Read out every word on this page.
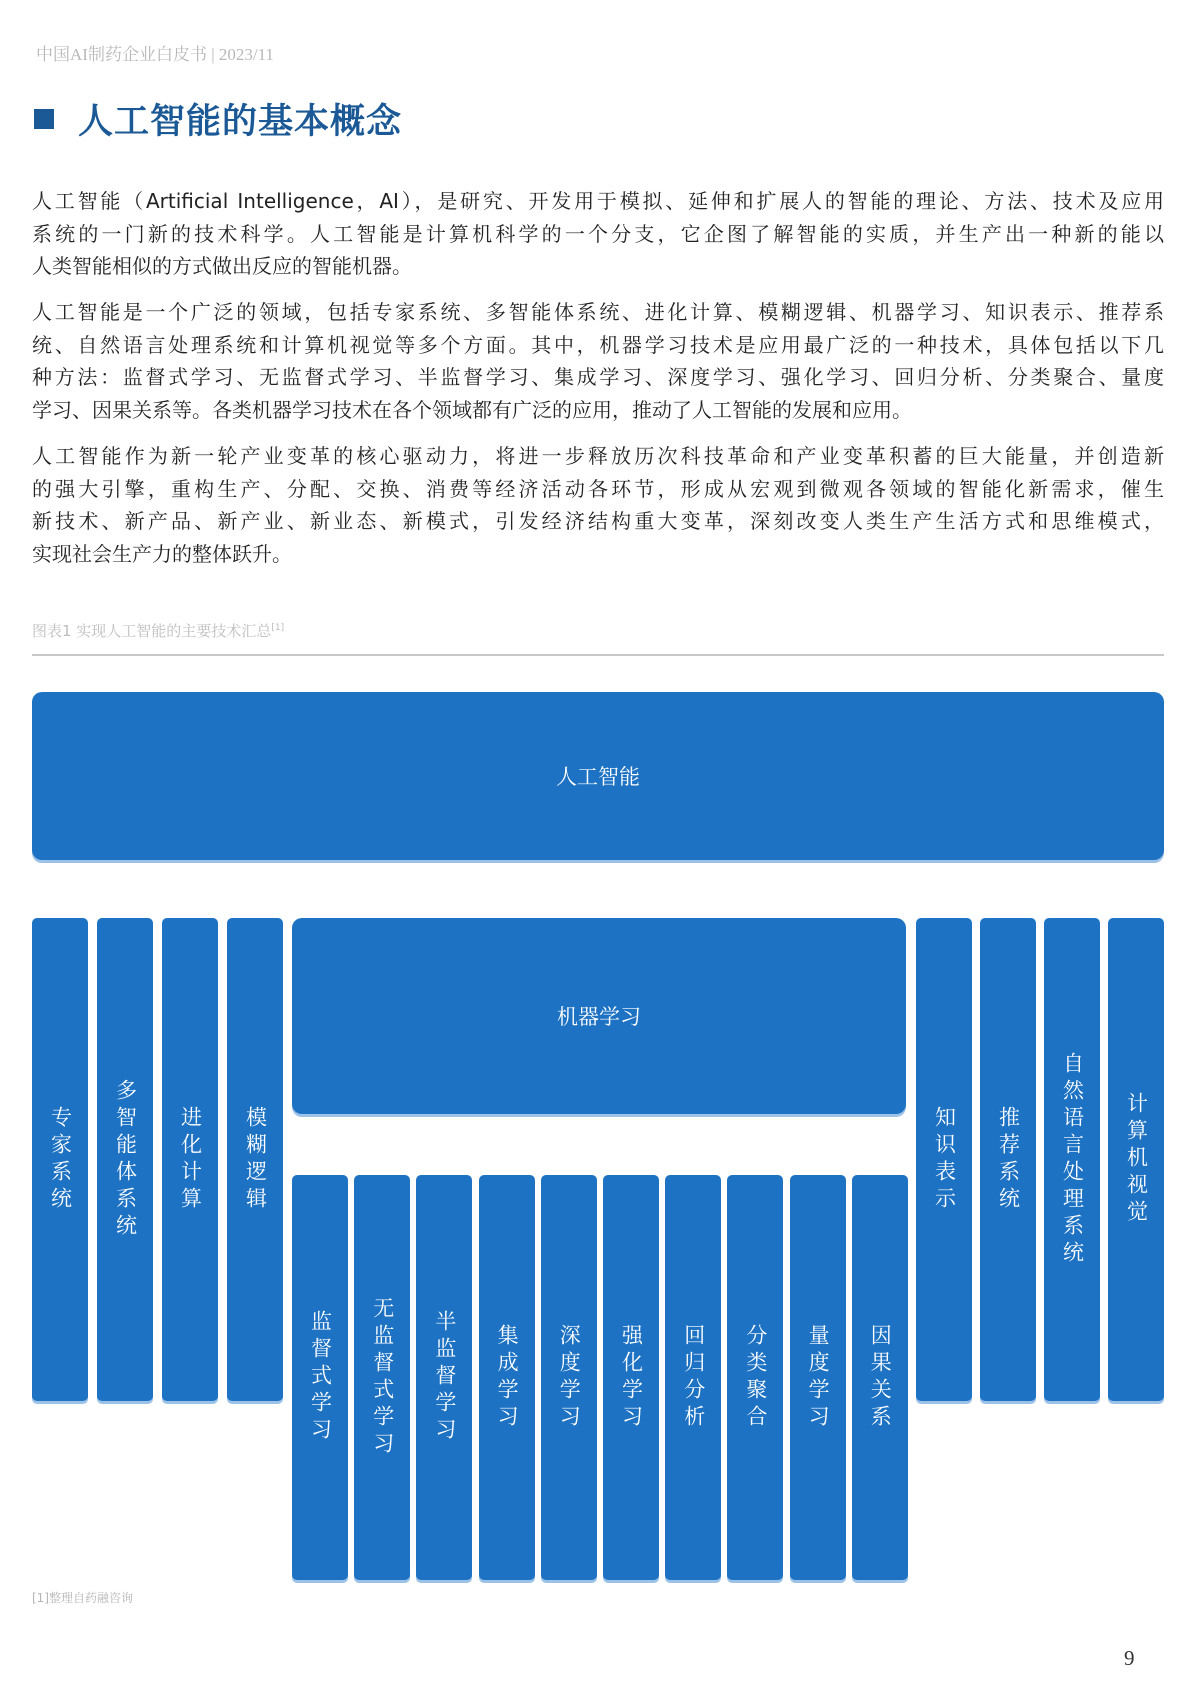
中国AI制药企业白皮书 | 2023/11
人工智能的基本概念
人工智能（Artificial Intelligence，AI），是研究、开发用于模拟、延伸和扩展人的智能的理论、方法、技术及应用
系统的一门新的技术科学。人工智能是计算机科学的一个分支，它企图了解智能的实质，并生产出一种新的能以
人类智能相似的方式做出反应的智能机器。
人工智能是一个广泛的领域，包括专家系统、多智能体系统、进化计算、模糊逻辑、机器学习、知识表示、推荐系
统、自然语言处理系统和计算机视觉等多个方面。其中，机器学习技术是应用最广泛的一种技术，具体包括以下几
种方法：监督式学习、无监督式学习、半监督学习、集成学习、深度学习、强化学习、回归分析、分类聚合、量度
学习、因果关系等。各类机器学习技术在各个领域都有广泛的应用，推动了人工智能的发展和应用。
人工智能作为新一轮产业变革的核心驱动力，将进一步释放历次科技革命和产业变革积蓄的巨大能量，并创造新
的强大引擎，重构生产、分配、交换、消费等经济活动各环节，形成从宏观到微观各领域的智能化新需求，催生
新技术、新产品、新产业、新业态、新模式，引发经济结构重大变革，深刻改变人类生产生活方式和思维模式，
实现社会生产力的整体跃升。
图表1 实现人工智能的主要技术汇总[1]
人工智能
机器学习
专家系统 多智能体系统 进化计算 模糊逻辑
监督式学习 无监督式学习 半监督学习 集成学习 深度学习 强化学习 回归分析 分类聚合 量度学习 因果关系
知识表示 推荐系统 自然语言处理系统 计算机视觉
[1]整理自药融咨询
9
